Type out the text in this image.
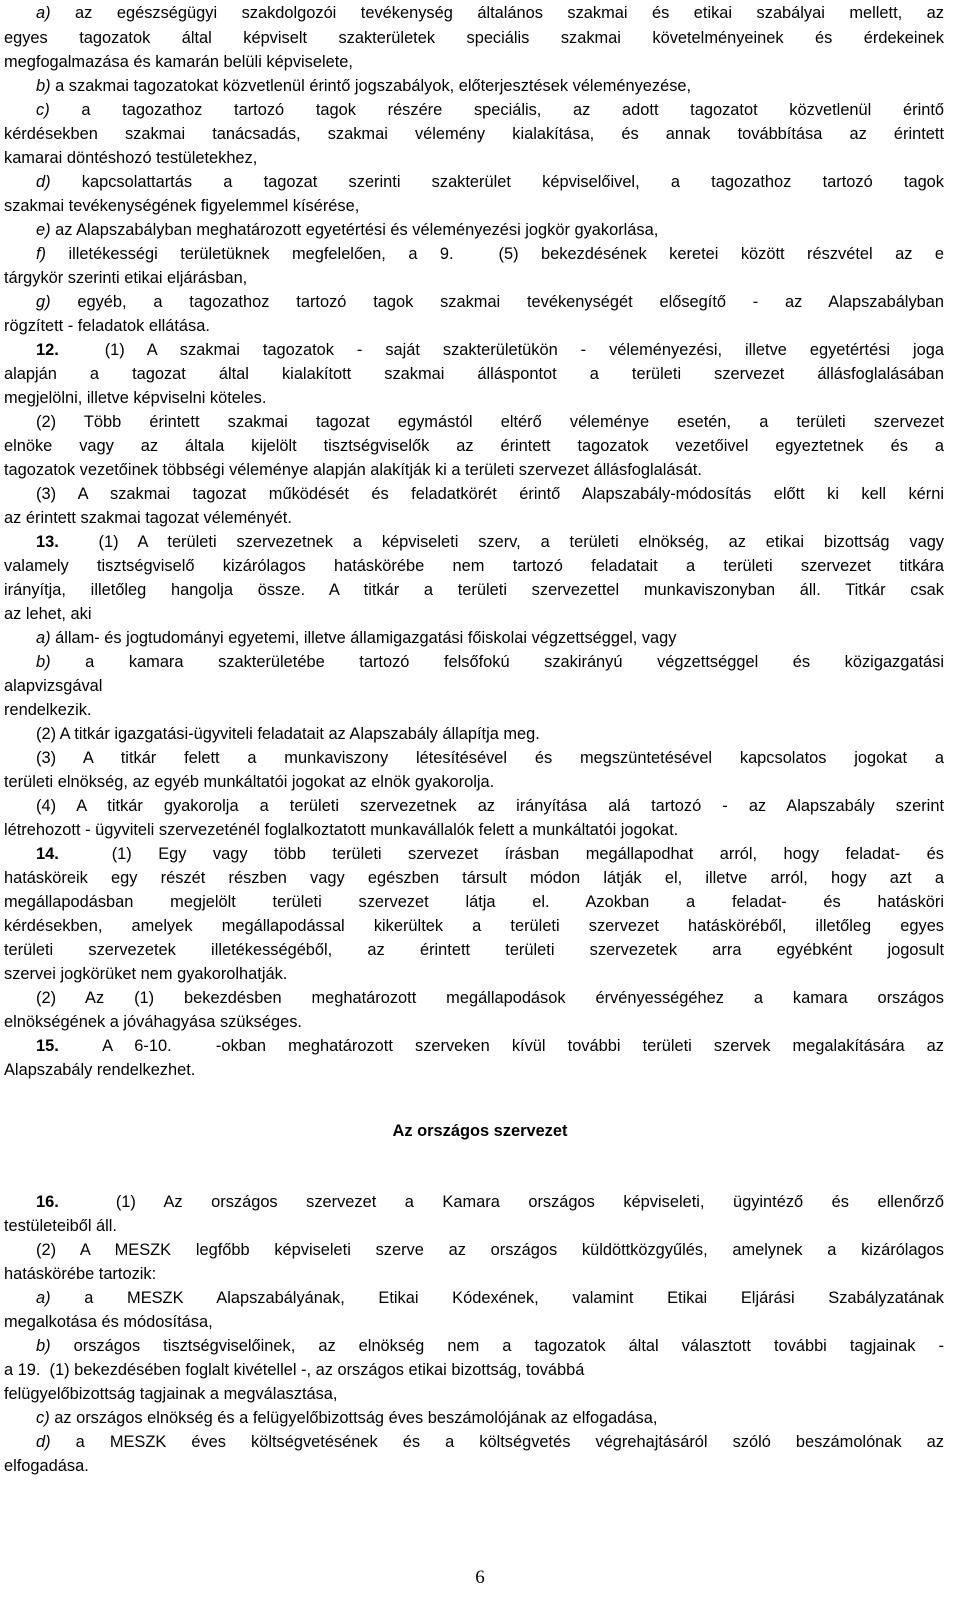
a) az egészségügyi szakdolgozói tevékenység általános szakmai és etikai szabályai mellett, az
egyes tagozatok által képviselt szakterületek speciális szakmai követelményeinek és érdekeinek
megfogalmazása és kamarán belüli képviselete,
b) a szakmai tagozatokat közvetlenül érintő jogszabályok, előterjesztések véleményezése,
c) a tagozathoz tartozó tagok részére speciális, az adott tagozatot közvetlenül érintő
kérdésekben szakmai tanácsadás, szakmai vélemény kialakítása, és annak továbbítása az érintett
kamarai döntéshozó testületekhez,
d) kapcsolattartás a tagozat szerinti szakterület képviselőivel, a tagozathoz tartozó tagok
szakmai tevékenységének figyelemmel kísérése,
e) az Alapszabályban meghatározott egyetértési és véleményezési jogkör gyakorlása,
f) illetékességi területüknek megfelelően, a 9.  (5) bekezdésének keretei között részvétel az e
tárgykör szerinti etikai eljárásban,
g) egyéb, a tagozathoz tartozó tagok szakmai tevékenységét elősegítő - az Alapszabályban
rögzített - feladatok ellátása.
12.  (1) A szakmai tagozatok - saját szakterületükön - véleményezési, illetve egyetértési joga
alapján a tagozat által kialakított szakmai álláspontot a területi szervezet állásfoglalásában
megjelölni, illetve képviselni köteles.
(2) Több érintett szakmai tagozat egymástól eltérő véleménye esetén, a területi szervezet
elnöke vagy az általa kijelölt tisztségviselők az érintett tagozatok vezetőivel egyeztetnek és a
tagozatok vezetőinek többségi véleménye alapján alakítják ki a területi szervezet állásfoglalását.
(3) A szakmai tagozat működését és feladatkörét érintő Alapszabály-módosítás előtt ki kell kérni
az érintett szakmai tagozat véleményét.
13.  (1) A területi szervezetnek a képviseleti szerv, a területi elnökség, az etikai bizottság vagy
valamely tisztségviselő kizárólagos hatáskörébe nem tartozó feladatait a területi szervezet titkára
irányítja, illetőleg hangolja össze. A titkár a területi szervezettel munkaviszonyban áll. Titkár csak
az lehet, aki
a) állam- és jogtudományi egyetemi, illetve államigazgatási főiskolai végzettséggel, vagy
b) a kamara szakterületébe tartozó felsőfokú szakirányú végzettséggel és közigazgatási
alapvizsgával
rendelkezik.
(2) A titkár igazgatási-ügyviteli feladatait az Alapszabály állapítja meg.
(3) A titkár felett a munkaviszony létesítésével és megszüntetésével kapcsolatos jogokat a
területi elnökség, az egyéb munkáltatói jogokat az elnök gyakorolja.
(4) A titkár gyakorolja a területi szervezetnek az irányítása alá tartozó - az Alapszabály szerint
létrehozott - ügyviteli szervezeténél foglalkoztatott munkavállalók felett a munkáltatói jogokat.
14.  (1) Egy vagy több területi szervezet írásban megállapodhat arról, hogy feladat- és
hatásköreik egy részét részben vagy egészben társult módon látják el, illetve arról, hogy azt a
megállapodásban megjelölt területi szervezet látja el. Azokban a feladat- és hatásköri
kérdésekben, amelyek megállapodással kikerültek a területi szervezet hatásköréből, illetőleg egyes
területi szervezetek illetékességéből, az érintett területi szervezetek arra egyébként jogosult
szervei jogkörüket nem gyakorolhatják.
(2) Az (1) bekezdésben meghatározott megállapodások érvényességéhez a kamara országos
elnökségének a jóváhagyása szükséges.
15.  A 6-10.  -okban meghatározott szerveken kívül további területi szervek megalakítására az
Alapszabály rendelkezhet.
Az országos szervezet
16.  (1) Az országos szervezet a Kamara országos képviseleti, ügyintéző és ellenőrző
testületeiből áll.
(2) A MESZK legfőbb képviseleti szerve az országos küldöttközgyűlés, amelynek a kizárólagos
hatáskörébe tartozik:
a) a MESZK Alapszabályának, Etikai Kódexének, valamint Etikai Eljárási Szabályzatának
megalkotása és módosítása,
b) országos tisztségviselőinek, az elnökség nem a tagozatok által választott további tagjainak -
a 19.  (1) bekezdésében foglalt kivétellel -, az országos etikai bizottság, továbbá
felügyelőbizottság tagjainak a megválasztása,
c) az országos elnökség és a felügyelőbizottság éves beszámolójának az elfogadása,
d) a MESZK éves költségvetésének és a költségvetés végrehajtásáról szóló beszámolónak az
elfogadása.
6
